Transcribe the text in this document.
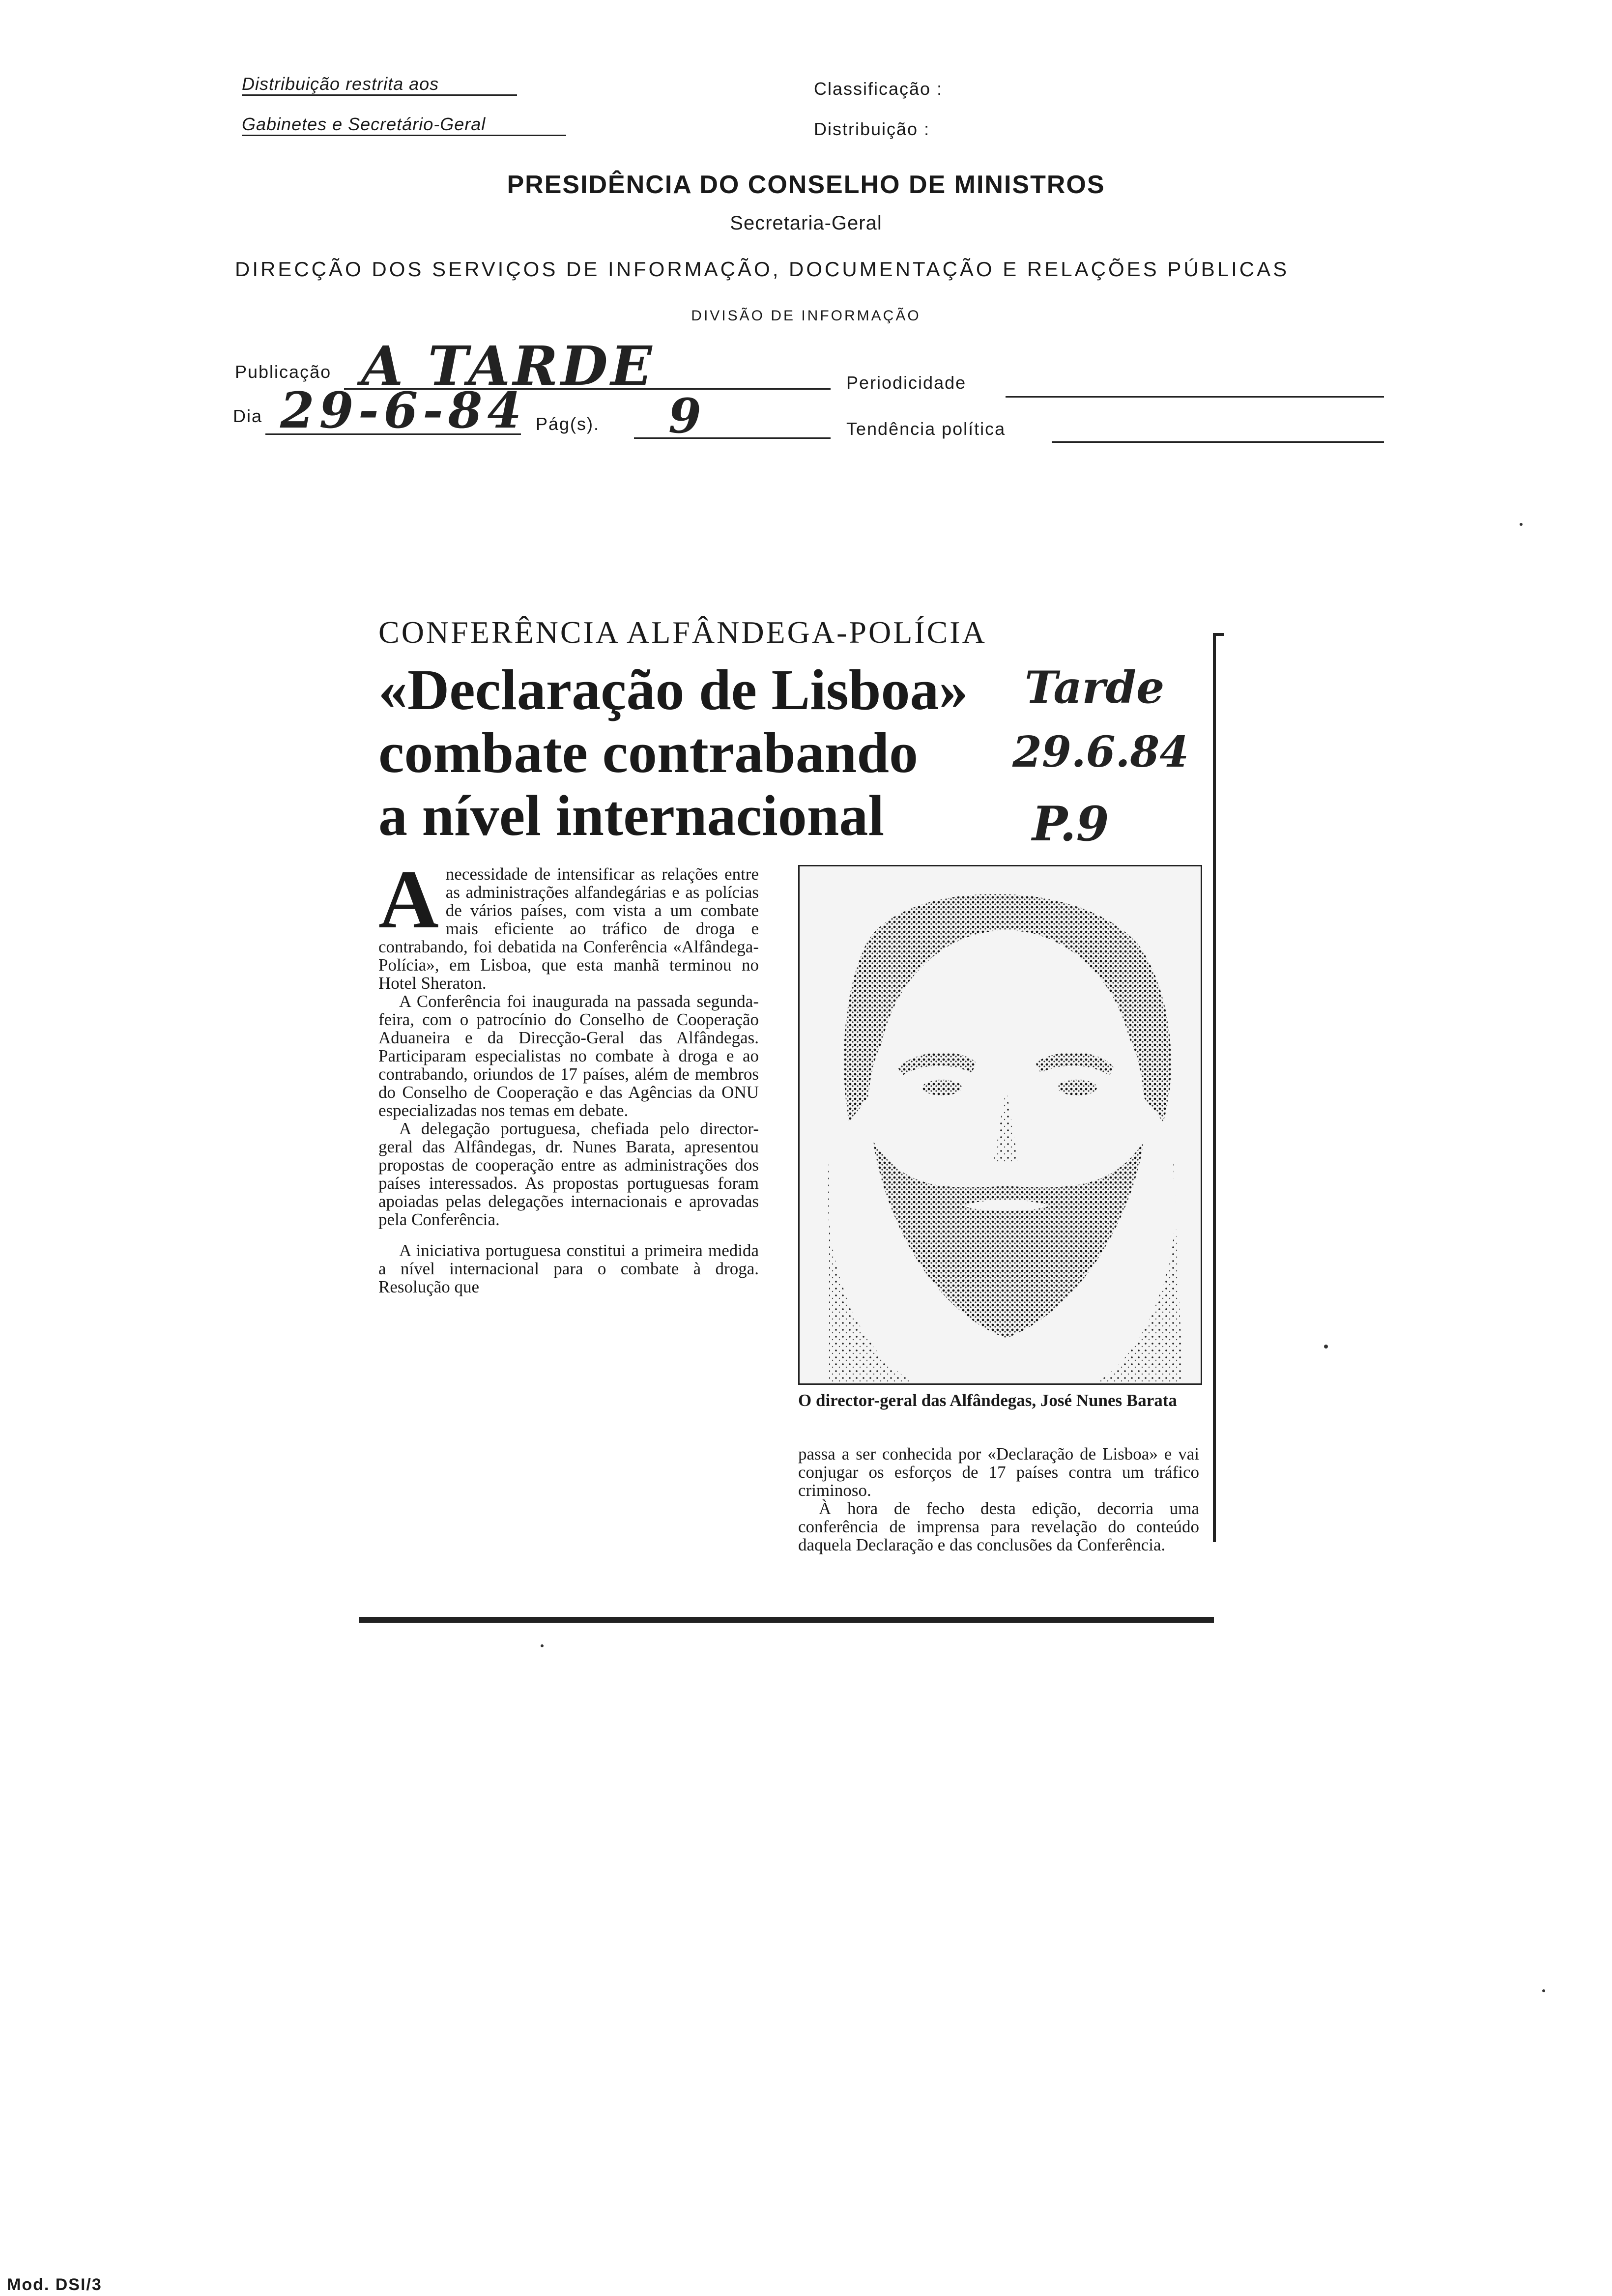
Distribuição restrita aos
Gabinetes e Secretário-Geral
Classificação :
Distribuição :
PRESIDÊNCIA DO CONSELHO DE MINISTROS
Secretaria-Geral
DIRECÇÃO DOS SERVIÇOS DE INFORMAÇÃO, DOCUMENTAÇÃO E RELAÇÕES PÚBLICAS
DIVISÃO DE INFORMAÇÃO
Publicação A TARDE	Periodicidade
Dia 29-6-84 Pág(s). 9	Tendência política
CONFERÊNCIA ALFÂNDEGA-POLÍCIA
«Declaração de Lisboa»
combate contrabando
a nível internacional
Tarde
29.6.84
P.9

Anecessidade de intensificar as relações entre as administrações alfandegárias e as polícias de vários países, com vista a um combate mais eficiente ao tráfico de droga e contrabando, foi debatida na Conferência «Alfândega-Polícia», em Lisboa, que esta manhã terminou no Hotel Sheraton.

A Conferência foi inaugurada na passada segunda-feira, com o patrocínio do Conselho de Cooperação Aduaneira e da Direcção-Geral das Alfândegas. Participaram especialistas no combate à droga e ao contrabando, oriundos de 17 países, além de membros do Conselho de Cooperação e das Agências da ONU especializadas nos temas em debate.

A delegação portuguesa, chefiada pelo director-geral das Alfândegas, dr. Nunes Barata, apresentou propostas de cooperação entre as administrações dos países interessados. As propostas portuguesas foram apoiadas pelas delegações internacionais e aprovadas pela Conferência.

A iniciativa portuguesa constitui a primeira medida a nível internacional para o combate à droga. Resolução que

O director-geral das Alfândegas, José Nunes Barata

passa a ser conhecida por «Declaração de Lisboa» e vai conjugar os esforços de 17 países contra um tráfico criminoso.

À hora de fecho desta edição, decorria uma conferência de imprensa para revelação do conteúdo daquela Declaração e das conclusões da Conferência.

Mod. DSI/3
